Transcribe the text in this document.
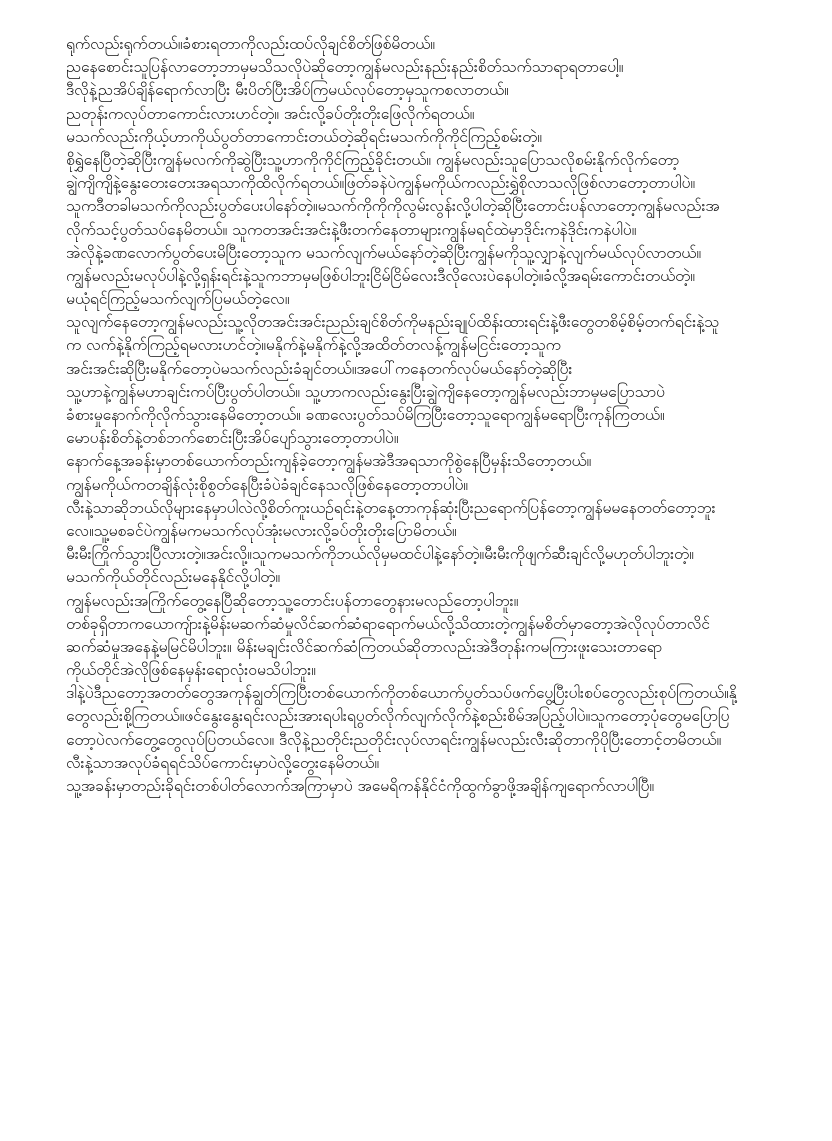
ရုက်လည်းရုက်တယ်။ခံစားရတာကိုလည်းထပ်လိုချင်စိတ်ဖြစ်မိတယ်။
ညနေစောင်းသူပြန်လာတော့ဘာမှမသိသလိုပဲဆိုတော့ကျွန်မလည်းနည်းနည်းစိတ်သက်သာရာရတာပေါ့။
ဒီလိုနဲ့ညအိပ်ချိန်ရောက်လာပြီး မီးပိတ်ပြီးအိပ်ကြမယ်လုပ်တော့မှသူကစလာတယ်။
ညတုန်းကလုပ်တာကောင်းလားဟင်တဲ့။ အင်းလို့ခပ်တိုးတိုးဖြေလိုက်ရတယ်။
မသက်လည်းကိုယ့်ဟာကိုယ်ပွတ်တာကောင်းတယ်တဲ့ဆိုရင်းမသက်ကိုကိုင်ကြည့်စမ်းတဲ့။
စိုရွှဲနေပြီတဲ့ဆိုပြီးကျွန်မလက်ကိုဆွဲပြီးသူ့ဟာကိုကိုင်ကြည့်ခိုင်းတယ်။ ကျွန်မလည်းသူပြောသလိုစမ်းနိုက်လိုက်တော့
ချွဲကျိကျိနဲ့နွေးတေးတေးအရသာကိုထိလိုက်ရတယ်။ဖြတ်ခနဲပဲကျွန်မကိုယ်ကလည်းရွှဲစိုလာသလိုဖြစ်လာတော့တာပါပဲ။
သူကဒီတခါမသက်ကိုလည်းပွတ်ပေးပါနော်တဲ့။မသက်ကိုကိုကိုလွမ်းလွန်းလို့ပါတဲ့ဆိုပြီးတောင်းပန်လာတော့ကျွန်မလည်းအ
လိုက်သင့်ပွတ်သပ်နေမိတယ်။ သူကတအင်းအင်းနဲ့ဖီးတက်နေတာများကျွန်မရင်ထဲမှာဒိုင်းကနဲဒိုင်းကနဲပါပဲ။
အဲလိုနဲ့ခဏလောက်ပွတ်ပေးမိပြီးတော့သူက မသက်လျက်မယ်နော်တဲ့ဆိုပြီးကျွန်မကိုသူ့လျှာနဲ့လျက်မယ်လုပ်လာတယ်။
ကျွန်မလည်းမလုပ်ပါနဲ့လို့ရှန်းရင်းနဲ့သူကဘာမှမဖြစ်ပါဘူးငြိမ်ငြိမ်လေးဒီလိုလေးပဲနေပါတဲ့။ခံလို့အရမ်းကောင်းတယ်တဲ့။
မယုံရင်ကြည့်မသက်လျက်ပြမယ်တဲ့လေ။
သူလျက်နေတော့ကျွန်မလည်းသူ့လိုတအင်းအင်းညည်းချင်စိတ်ကိုမနည်းချုပ်ထိန်းထားရင်းနဲ့ဖီးတွေတစိမ့်စိမ့်တက်ရင်းနဲ့သူ
က လက်နဲ့နိုက်ကြည့်ရမလားဟင်တဲ့။မနိုက်နဲ့မနိုက်နဲ့လို့အထိတ်တလန့်ကျွန်မငြင်းတော့သူက
အင်းအင်းဆိုပြီးမနိုက်တော့ပဲမသက်လည်းခံချင်တယ်။အပေါ်ကနေတက်လုပ်မယ်နော်တဲ့ဆိုပြီး
သူ့ဟာနဲ့ကျွန်မဟာချင်းကပ်ပြီးပွတ်ပါတယ်။ သူ့ဟာကလည်းနွေးပြီးချွဲကျိနေတော့ကျွန်မလည်းဘာမှမပြောသာပဲ
ခံစားမှုနောက်ကိုလိုက်သွားနေမိတော့တယ်။ ခဏလေးပွတ်သပ်မိကြပြီးတော့သူရောကျွန်မရောပြီးကုန်ကြတယ်။
မောပန်းစိတ်နဲ့တစ်ဘက်စောင်းပြီးအိပ်ပျော်သွားတော့တာပါပဲ။
နောက်နေ့အခန်းမှာတစ်ယောက်တည်းကျန်ခဲ့တော့ကျွန်မအဲဒီအရသာကိုစွဲနေပြီမှန်းသိတော့တယ်။
ကျွန်မကိုယ်ကတချိန်လုံးစိုစွတ်နေပြီးခံပဲခံချင်နေသလိုဖြစ်နေတော့တာပါပဲ။
လီးနဲ့သာဆိုဘယ်လိုများနေမှာပါလဲလို့စိတ်ကူးယဉ်ရင်းနဲ့တနေ့တာကုန်ဆုံးပြီးညရောက်ပြန်တော့ကျွန်မမနေတတ်တော့ဘူး
လေ။သူ့မစခင်ပဲကျွန်မကမသက်လုပ်အုံးမလားလို့ခပ်တိုးတိုးပြောမိတယ်။
မီးမီးကြိုက်သွားပြီလားတဲ့။အင်းလို့။သူကမသက်ကိုဘယ်လိုမှမထင်ပါနဲ့နော်တဲ့။မီးမီးကိုဖျက်ဆီးချင်လို့မဟုတ်ပါဘူးတဲ့။
မသက်ကိုယ်တိုင်လည်းမနေနိုင်လို့ပါတဲ့။
ကျွန်မလည်းအကြိုက်တွေ့နေပြီဆိုတော့သူ့တောင်းပန်တာတွေနားမလည်တော့ပါဘူး။
တစ်ခုရှိတာကယောကျ်ားနဲ့မိန်းမဆက်ဆံမှုလိင်ဆက်ဆံရာရောက်မယ်လို့သိထားတဲ့ကျွန်မစိတ်မှာတော့အဲလိုလုပ်တာလိင်
ဆက်ဆံမှုအနေနဲ့မမြင်မိပါဘူး။ မိန်းမချင်းလိင်ဆက်ဆံကြတယ်ဆိုတာလည်းအဲဒီတုန်းကမကြားဖူးသေးတာရော
ကိုယ်တိုင်အဲလိုဖြစ်နေမှန်းရောလုံးဝမသိပါဘူး။
ဒါနဲ့ပဲဒီညတော့အတတ်တွေအကုန်ချွတ်ကြပြီးတစ်ယောက်ကိုတစ်ယောက်ပွတ်သပ်ဖက်ပွေ့ပြီးပါးစပ်တွေလည်းစုပ်ကြတယ်။နို့
တွေလည်းစို့ကြတယ်။ဖင်နွေးနွေးရင်းလည်းအားရပါးရပွတ်လိုက်လျက်လိုက်နဲ့စည်းစိမ်အပြည့်ပါပဲ။သူကတော့ပုံတွေမပြောပြ
တော့ပဲလက်တွေ့တွေလုပ်ပြတယ်လေ။ ဒီလိုနဲ့ညတိုင်းညတိုင်းလုပ်လာရင်းကျွန်မလည်းလီးဆိုတာကိုပိုပြီးတောင့်တမိတယ်။
လီးနဲ့သာအလုပ်ခံရရင်သိပ်ကောင်းမှာပဲလို့တွေးနေမိတယ်။
သူ့အခန်းမှာတည်းခိုရင်းတစ်ပါတ်လောက်အကြာမှာပဲ အမေရိကန်နိုင်ငံကိုထွက်ခွာဖို့အချိန်ကျရောက်လာပါပြီ။
